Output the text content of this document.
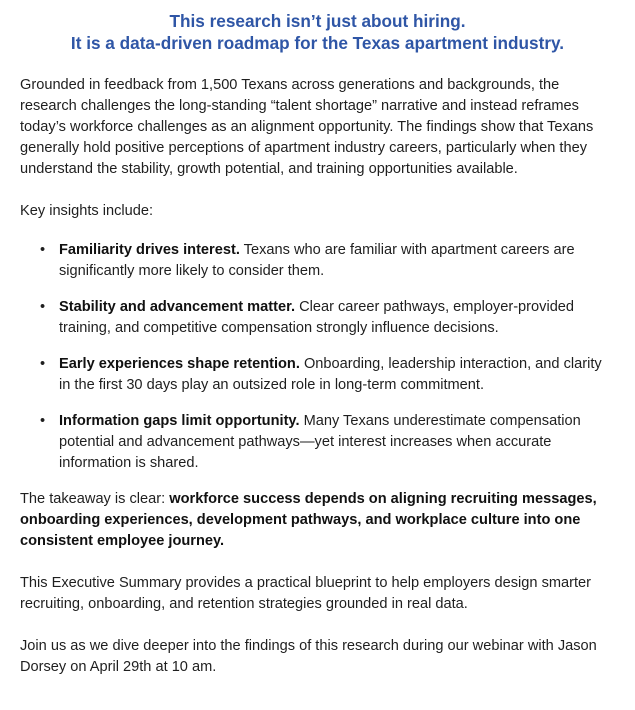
This research isn’t just about hiring.
It is a data-driven roadmap for the Texas apartment industry.

Grounded in feedback from 1,500 Texans across generations and backgrounds, the research challenges the long-standing “talent shortage” narrative and instead reframes today’s workforce challenges as an alignment opportunity. The findings show that Texans generally hold positive perceptions of apartment industry careers, particularly when they understand the stability, growth potential, and training opportunities available.

Key insights include:

• Familiarity drives interest. Texans who are familiar with apartment careers are significantly more likely to consider them.
• Stability and advancement matter. Clear career pathways, employer-provided training, and competitive compensation strongly influence decisions.
• Early experiences shape retention. Onboarding, leadership interaction, and clarity in the first 30 days play an outsized role in long-term commitment.
• Information gaps limit opportunity. Many Texans underestimate compensation potential and advancement pathways—yet interest increases when accurate information is shared.

The takeaway is clear: workforce success depends on aligning recruiting messages, onboarding experiences, development pathways, and workplace culture into one consistent employee journey.

This Executive Summary provides a practical blueprint to help employers design smarter recruiting, onboarding, and retention strategies grounded in real data.

Join us as we dive deeper into the findings of this research during our webinar with Jason Dorsey on April 29th at 10 am.
